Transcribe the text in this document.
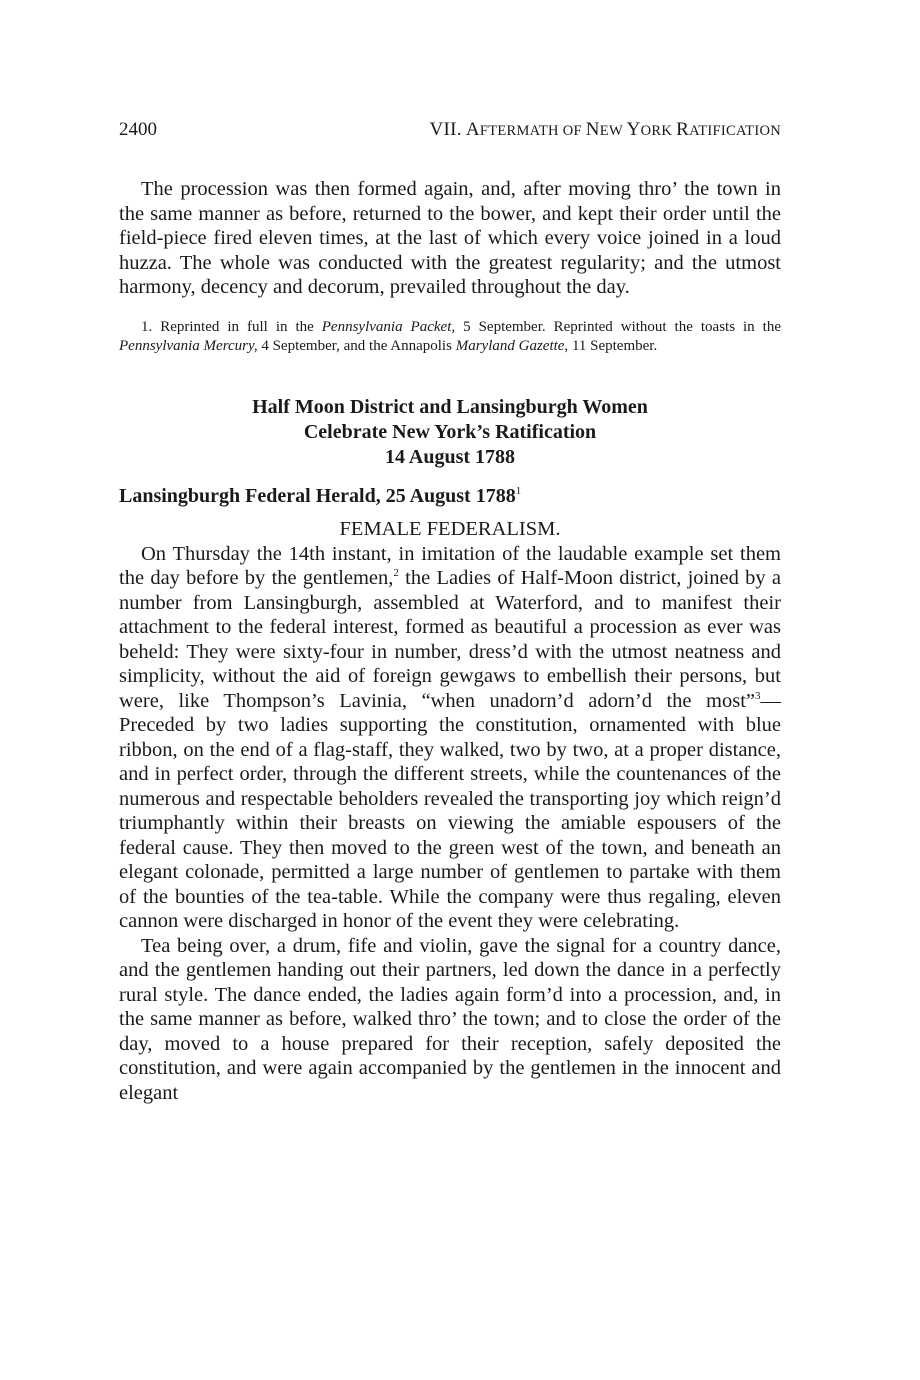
2400	VII. AFTERMATH OF NEW YORK RATIFICATION

The procession was then formed again, and, after moving thro’ the town in the same manner as before, returned to the bower, and kept their order until the field-piece fired eleven times, at the last of which every voice joined in a loud huzza. The whole was conducted with the greatest regularity; and the utmost harmony, decency and decorum, prevailed throughout the day.

1. Reprinted in full in the Pennsylvania Packet, 5 September. Reprinted without the toasts in the Pennsylvania Mercury, 4 September, and the Annapolis Maryland Gazette, 11 September.

Half Moon District and Lansingburgh Women
Celebrate New York’s Ratification
14 August 1788
Lansingburgh Federal Herald, 25 August 1788$^1$
FEMALE FEDERALISM.

On Thursday the 14th instant, in imitation of the laudable example set them the day before by the gentlemen,$^2$ the Ladies of Half-Moon district, joined by a number from Lansingburgh, assembled at Waterford, and to manifest their attachment to the federal interest, formed as beautiful a procession as ever was beheld: They were sixty-four in number, dress’d with the utmost neatness and simplicity, without the aid of foreign gewgaws to embellish their persons, but were, like Thompson’s Lavinia, “when unadorn’d adorn’d the most”$^3$—Preceded by two ladies supporting the constitution, ornamented with blue ribbon, on the end of a flag-staff, they walked, two by two, at a proper distance, and in perfect order, through the different streets, while the countenances of the numerous and respectable beholders revealed the transporting joy which reign’d triumphantly within their breasts on viewing the amiable espousers of the federal cause. They then moved to the green west of the town, and beneath an elegant colonade, permitted a large number of gentlemen to partake with them of the bounties of the tea-table. While the company were thus regaling, eleven cannon were discharged in honor of the event they were celebrating.

Tea being over, a drum, fife and violin, gave the signal for a country dance, and the gentlemen handing out their partners, led down the dance in a perfectly rural style. The dance ended, the ladies again form’d into a procession, and, in the same manner as before, walked thro’ the town; and to close the order of the day, moved to a house prepared for their reception, safely deposited the constitution, and were again accompanied by the gentlemen in the innocent and elegant
